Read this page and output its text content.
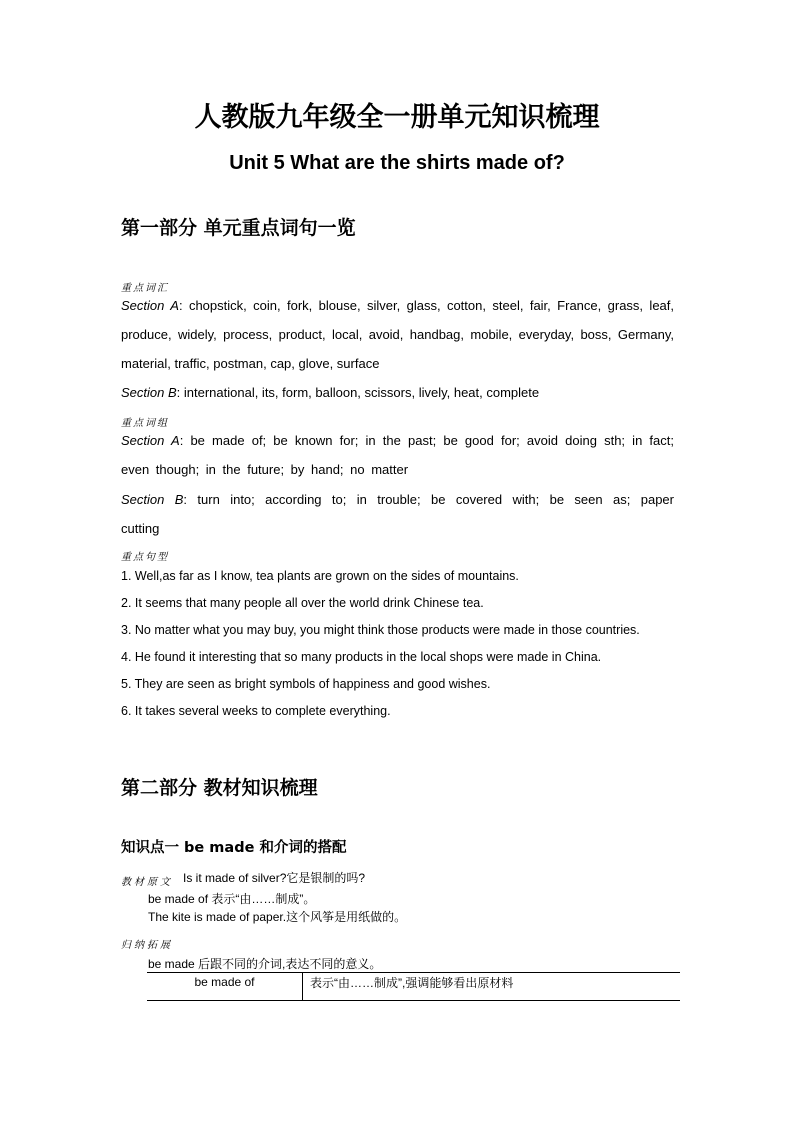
人教版九年级全一册单元知识梳理
Unit 5 What are the shirts made of?
第一部分 单元重点词句一览
重点词汇
Section A: chopstick, coin, fork, blouse, silver, glass, cotton, steel, fair, France, grass, leaf, produce, widely, process, product, local, avoid, handbag, mobile, everyday, boss, Germany, material, traffic, postman, cap, glove, surface
Section B: international, its, form, balloon, scissors, lively, heat, complete
重点词组
Section A: be made of; be known for; in the past; be good for; avoid doing sth; in fact; even though; in the future; by hand; no matter
Section B: turn into; according to; in trouble; be covered with; be seen as; paper cutting
重点句型
1. Well,as far as I know, tea plants are grown on the sides of mountains.
2. It seems that many people all over the world drink Chinese tea.
3. No matter what you may buy, you might think those products were made in those countries.
4. He found it interesting that so many products in the local shops were made in China.
5. They are seen as bright symbols of happiness and good wishes.
6. It takes several weeks to complete everything.
第二部分 教材知识梳理
知识点一 be made 和介词的搭配
教材原文 Is it made of silver?它是银制的吗?
be made of 表示“由……制成”。
The kite is made of paper.这个风筝是用纸做的。
归纳拓展
be made 后跟不同的介词,表达不同的意义。
be made of	表示“由……制成”,强调能够看出原材料
